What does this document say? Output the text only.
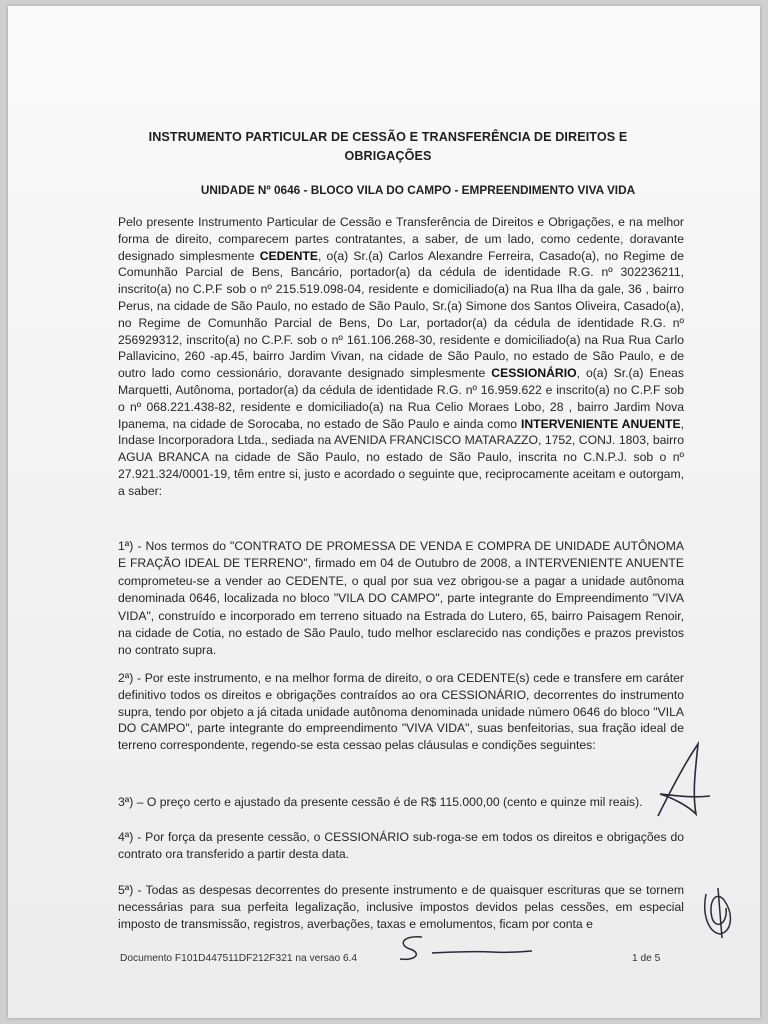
INSTRUMENTO PARTICULAR DE CESSÃO E TRANSFERÊNCIA DE DIREITOS E OBRIGAÇÕES
UNIDADE Nº 0646 - BLOCO VILA DO CAMPO - EMPREENDIMENTO VIVA VIDA
Pelo presente Instrumento Particular de Cessão e Transferência de Direitos e Obrigações, e na melhor forma de direito, comparecem partes contratantes, a saber, de um lado, como cedente, doravante designado simplesmente CEDENTE, o(a) Sr.(a) Carlos Alexandre Ferreira, Casado(a), no Regime de Comunhão Parcial de Bens, Bancário, portador(a) da cédula de identidade R.G. nº 302236211, inscrito(a) no C.P.F sob o nº 215.519.098-04, residente e domiciliado(a) na Rua Ilha da gale, 36 , bairro Perus, na cidade de São Paulo, no estado de São Paulo, Sr.(a) Simone dos Santos Oliveira, Casado(a), no Regime de Comunhão Parcial de Bens, Do Lar, portador(a) da cédula de identidade R.G. nº 256929312, inscrito(a) no C.P.F. sob o nº 161.106.268-30, residente e domiciliado(a) na Rua Rua Carlo Pallavicino, 260 -ap.45, bairro Jardim Vivan, na cidade de São Paulo, no estado de São Paulo, e de outro lado como cessionário, doravante designado simplesmente CESSIONÁRIO, o(a) Sr.(a) Eneas Marquetti, Autônoma, portador(a) da cédula de identidade R.G. nº 16.959.622 e inscrito(a) no C.P.F sob o nº 068.221.438-82, residente e domiciliado(a) na Rua Celio Moraes Lobo, 28 , bairro Jardim Nova Ipanema, na cidade de Sorocaba, no estado de São Paulo e ainda como INTERVENIENTE ANUENTE, Indase Incorporadora Ltda., sediada na AVENIDA FRANCISCO MATARAZZO, 1752, CONJ. 1803, bairro AGUA BRANCA na cidade de São Paulo, no estado de São Paulo, inscrita no C.N.P.J. sob o nº 27.921.324/0001-19, têm entre si, justo e acordado o seguinte que, reciprocamente aceitam e outorgam, a saber:
1ª) - Nos termos do "CONTRATO DE PROMESSA DE VENDA E COMPRA DE UNIDADE AUTÔNOMA E FRAÇÃO IDEAL DE TERRENO", firmado em 04 de Outubro de 2008, a INTERVENIENTE ANUENTE comprometeu-se a vender ao CEDENTE, o qual por sua vez obrigou-se a pagar a unidade autônoma denominada 0646, localizada no bloco "VILA DO CAMPO", parte integrante do Empreendimento "VIVA VIDA", construído e incorporado em terreno situado na Estrada do Lutero, 65, bairro Paisagem Renoir, na cidade de Cotia, no estado de São Paulo, tudo melhor esclarecido nas condições e prazos previstos no contrato supra.
2ª) - Por este instrumento, e na melhor forma de direito, o ora CEDENTE(s) cede e transfere em caráter definitivo todos os direitos e obrigações contraídos ao ora CESSIONÁRIO, decorrentes do instrumento supra, tendo por objeto a já citada unidade autônoma denominada unidade número 0646 do bloco "VILA DO CAMPO", parte integrante do empreendimento "VIVA VIDA", suas benfeitorias, sua fração ideal de terreno correspondente, regendo-se esta cessao pelas cláusulas e condições seguintes:
3ª) – O preço certo e ajustado da presente cessão é de R$ 115.000,00 (cento e quinze mil reais).
4ª) - Por força da presente cessão, o CESSIONÁRIO sub-roga-se em todos os direitos e obrigações do contrato ora transferido a partir desta data.
5ª) - Todas as despesas decorrentes do presente instrumento e de quaisquer escrituras que se tornem necessárias para sua perfeita legalização, inclusive impostos devidos pelas cessões, em especial imposto de transmissão, registros, averbações, taxas e emolumentos, ficam por conta e
Documento F101D447511DF212F321 na versao 6.4	1 de 5
